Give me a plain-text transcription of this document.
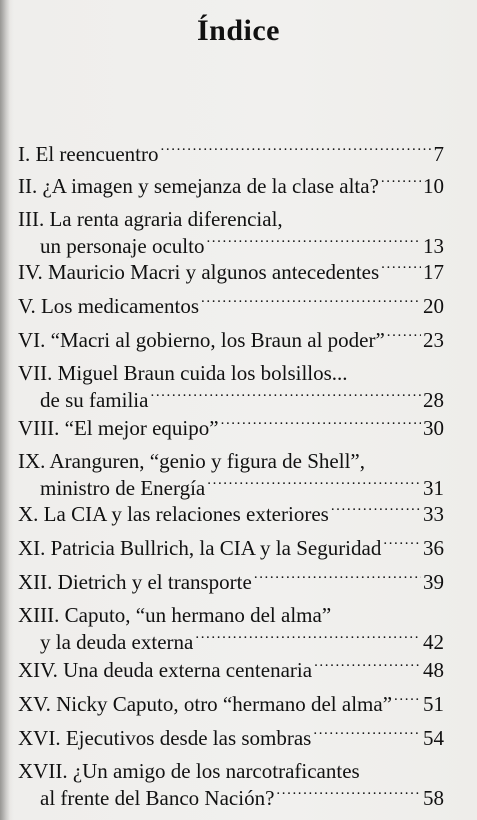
Índice
I. El reencuentro .....	7
II. ¿A imagen y semejanza de la clase alta? ..... 10
III. La renta agraria diferencial,
un personaje oculto .....	13
IV. Mauricio Macri y algunos antecedentes ..... 17
V. Los medicamentos .....	20
VI. “Macri al gobierno, los Braun al poder” ..... 23
VII. Miguel Braun cuida los bolsillos...
de su familia .....	28
VIII. “El mejor equipo” .....	30
IX. Aranguren, “genio y figura de Shell”,
ministro de Energía .....	31
X. La CIA y las relaciones exteriores .....	33
XI. Patricia Bullrich, la CIA y la Seguridad ..... 36
XII. Dietrich y el transporte .....	39
XIII. Caputo, “un hermano del alma”
y la deuda externa .....	42
XIV. Una deuda externa centenaria .....	48
XV. Nicky Caputo, otro “hermano del alma” ..... 51
XVI. Ejecutivos desde las sombras .....	54
XVII. ¿Un amigo de los narcotraficantes
al frente del Banco Nación? .....	58
